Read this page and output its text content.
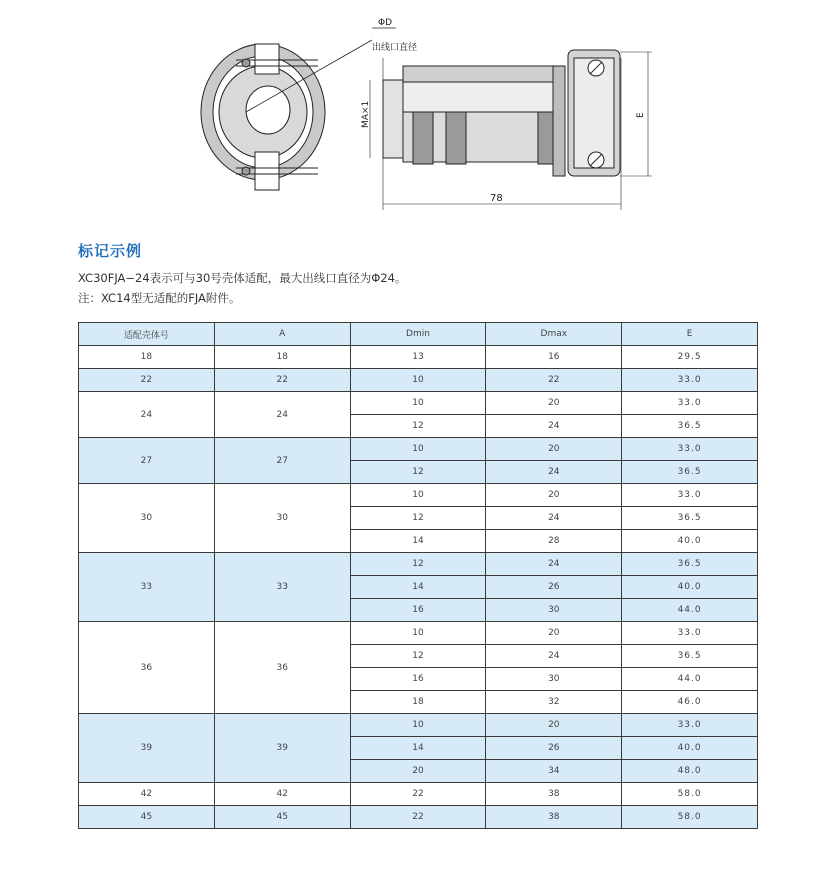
ΦD
出线口直径
MA×1	E
78
标记示例
XC30FJA−24表示可与30号壳体适配，最大出线口直径为Φ24。
注：XC14型无适配的FJA附件。
适配壳体号	A	Dmin	Dmax	E
18	18	13	16	29.5
22	22	10	22	33.0
24	24	10	20	33.0
		12	24	36.5
27	27	10	20	33.0
		12	24	36.5
30	30	10	20	33.0
		12	24	36.5
		14	28	40.0
33	33	12	24	36.5
		14	26	40.0
		16	30	44.0
36	36	10	20	33.0
		12	24	36.5
		16	30	44.0
		18	32	46.0
39	39	10	20	33.0
		14	26	40.0
		20	34	48.0
42	42	22	38	58.0
45	45	22	38	58.0
